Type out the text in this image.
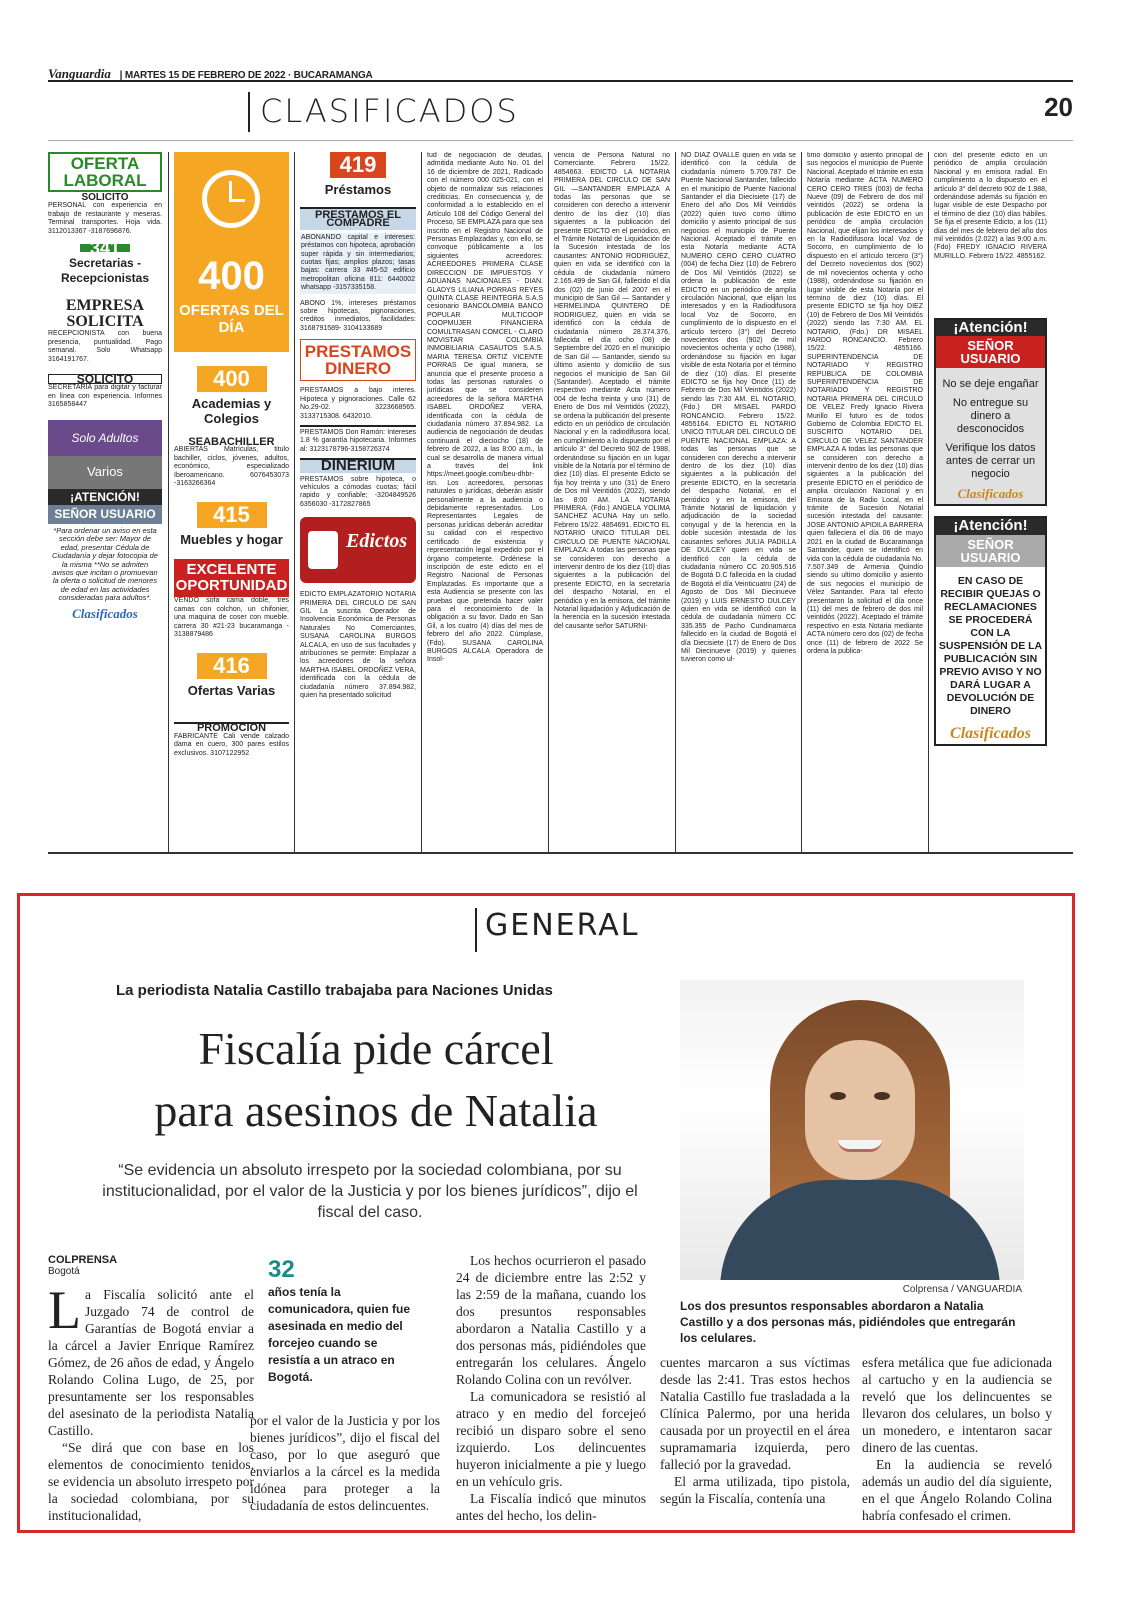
Vanguardia | MARTES 15 DE FEBRERO DE 2022 · BUCARAMANGA
CLASIFICADOS	20
OFERTA LABORAL
SOLICITO

PERSONAL con experiencia en trabajo de restaurante y meseras. Terminal transportes. Hoja vida. 3112013367 -3187696876.

341
Secretarias - Recepcionistas
EMPRESA SOLICITA

RECEPCIONISTA con buena presencia, puntualidad. Pago semanal. Solo Whatsapp 3164191767.

SOLICITO

SECRETARIA para digitar y facturar en línea con experiencia. Informes 3165858447

Solo Adultos
Varios
¡ATENCIÓN!
SEÑOR USUARIO

*Para ordenar un aviso en esta sección debe ser: Mayor de edad, presentar Cédula de Ciudadanía y dejar fotocopia de la misma **No se admiten avisos que incitan o promuevan la oferta o solicitud de menores de edad en las actividades consideradas para adultos*.

Clasificados
400
OFERTAS DEL DÍA
400
Academias y Colegios
SEABACHILLER

ABIERTAS Matrículas, titulo bachiller, ciclos, jóvenes, adultos, económico, especializado Iberoamericano. 6076453073 -3163266364

415
Muebles y hogar
EXCELENTE OPORTUNIDAD

VENDO sofa cama doble, tres camas con colchon, un chifonier, una maquina de coser con mueble. carrera 30 #21-23 bucaramanga - 3138879486

416
Ofertas Varias
PROMOCION

FABRICANTE Cali vende calzado dama en cuero, 300 pares estilos exclusivos. 3107122952

419
Préstamos
PRESTAMOS EL COMPADRE

ABONANDO capital e intereses: préstamos con hipoteca, aprobación super rápida y sin intermediarios; cuotas fijas; amplios plazos; tasas bajas: carrera 33 #45-52 edificio metropolitan oficina 811: 6440002 whatsapp -3157335158.

ABONO 1%, intereses préstamos sobre hipotecas, pignoraciones, creditos inmediatos, facilidades: 3168791589- 3104133689

PRESTAMOS DINERO

PRESTAMOS a bajo interes. Hipoteca y pignoraciones. Calle 62 No.29-02. 3223668565. 3133715308. 6432010.

PRESTAMOS Don Ramón: Intereses 1.8 % garantía hipotecaria. Informes al: 3123178796-3158726374

DINERIUM

PRESTAMOS sobre hipoteca, o vehículos a cómodas cuotas; fácil rapido y confiable; -3204849526 6356030 -3172827865

Edictos

EDICTO EMPLAZATORIO NOTARIA PRIMERA DEL CIRCULO DE SAN GIL La suscrita Operador de Insolvencia Económica de Personas Naturales No Comerciantes, SUSANA CAROLINA BURGOS ALCALA, en uso de sus facultades y atribuciones se permite: Emplazar a los acreedores de la señora MARTHA ISABEL ORDOÑEZ VERA, identificada con la cédula de ciudadanía número 37.894.982, quien ha presentado solicitud

tud de negociación de deudas, admitida mediante Auto No. 01 del 16 de diciembre de 2021, Radicado con el número 000 025-021, con el objeto de normalizar sus relaciones crediticias. En consecuencia y, de conformidad a lo establecido en el Artículo 108 del Código General del Proceso, SE EMPLAZA para que sea inscrito en el Registro Nacional de Personas Emplazadas y, con ello, se convoque públicamente a los siguientes acreedores: ACREEDORES PRIMERA CLASE DIRECCION DE IMPUESTOS Y ADUANAS NACIONALES - DIAN. GLADYS LILIANA PORRAS REYES QUINTA CLASE REINTEGRA S.A.S cesionario BANCOLOMBIA BANCO POPULAR MULTICOOP COOPMUJER FINANCIERA COMULTRASAN COMCEL - CLARO MOVISTAR COLOMBIA INMOBILIARIA CASAUTOS S.A.S. MARIA TERESA ORTIZ VICENTE PORRAS De igual manera, se anuncia que el presente proceso a todas las personas naturales o jurídicas que se consideren acreedores de la señora MARTHA ISABEL ORDOÑEZ VERA, identificada con la cédula de ciudadanía número 37.894.982. La audiencia de negociación de deudas continuará el dieciocho (18) de febrero de 2022, a las 8:00 a.m., la cual se desarrolla de manera virtual a través del link https://meet.google.com/beu-dhbr-isn. Los acreedores, personas naturales o jurídicas, deberán asistir personalmente a la audiencia o debidamente representados. Los Representantes Legales de personas jurídicas deberán acreditar su calidad con el respectivo certificado de existencia y representación legal expedido por el órgano competente. Ordénese la inscripción de este edicto en el Registro Nacional de Personas Emplazadas. Es importante que a esta Audiencia se presente con las pruebas que pretenda hacer valer para el reconocimiento de la obligación a su favor. Dado en San Gil, a los cuatro (4) días del mes de febrero del año 2022. Cúmplase, (Fdo). SUSANA CAROLINA BURGOS ALCALA Operadora de Insol-

vencia de Persona Natural no Comerciante. Febrero 15/22. 4854663. EDICTO LA NOTARIA PRIMERA DEL CIRCULO DE SAN GIL —SANTANDER EMPLAZA A todas las personas que se consideren con derecho a intervenir dentro de los diez (10) días siguientes a la publicación del presente EDICTO en el periódico, en el Trámite Notarial de Liquidación de la Sucesión intestada de los causantes: ANTONIO RODRIGUEZ, quien en vida se identificó con la cédula de ciudadanía número 2.165.499 de San Gil, fallecido el día dos (02) de junio del 2007 en el municipio de San Gil — Santander y HERMELINDA QUINTERO DE RODRIGUEZ, quien en vida se identificó con la cédula de ciudadanía número 28.374.376, fallecida el día ocho (08) de Septiembre del 2020 en el municipio de San Gil — Santander, siendo su último asiento y domicilio de sus negocios el municipio de San Gil (Santander). Aceptado el trámite respectivo mediante Acta número 004 de fecha treinta y uno (31) de Enero de Dos mil Veintidós (2022), se ordena la publicación del presente edicto en un periódico de circulación Nacional y en la radiodifusora local, en cumplimiento a lo dispuesto por el artículo 3° del Decreto 902 de 1988, ordenándose su fijación en un lugar visible de la Notaría por el término de diez (10) días. El presente Edicto se fija hoy treinta y uno (31) de Enero de Dos mil Veintidós (2022), siendo las 8:00 AM. LA NOTARIA PRIMERA. (Fdo.) ANGELA YOLIMA SANCHEZ ACUNA Hay un sello. Febrero 15/22. 4854691. EDICTO EL NOTARIO UNICO TITULAR DEL CIRCULO DE PUENTE NACIONAL EMPLAZA: A todas las personas que se consideren con derecho a intervenir dentro de los diez (10) días siguientes a la publicación del presente EDICTO, en la secretaría del despacho Notarial, en el periódico y en la emisora, del trámite Notarial liquidación y Adjudicación de la herencia en la sucesión intestada del causante señor SATURNI-

NO DIAZ OVALLE quien en vida se identificó con la cédula de ciudadanía número 5.709.787 De Puente Nacional Santander, fallecido en el municipio de Puente Nacional Santander el día Diecisiete (17) de Enero del año Dos Mil Veintidós (2022) quien tuvo como último domicilio y asiento principal de sus negocios el municipio de Puente Nacional. Aceptado el trámite en esta Notaría mediante ACTA NUMERO CERO CERO CUATRO (004) de fecha Diez (10) de Febrero de Dos Mil Veintidós (2022) se ordena la publicación de este EDICTO en un periódico de amplia circulación Nacional, que elijan los interesados y en la Radiodifusora local Voz de Socorro, en cumplimiento de lo dispuesto en el artículo tercero (3°) del Decreto novecientos dos (902) de mil novecientos ochenta y ocho (1988), ordenándose su fijación en lugar visible de esta Notaría por el término de diez (10) días. El presente EDICTO se fija hoy Once (11) de Febrero de Dos Mil Veintidós (2022) siendo las 7:30 AM. EL NOTARIO, (Fdo.) DR MISAEL PARDO RONCANCIO. Febrero 15/22. 4855164. EDICTO EL NOTARIO UNICO TITULAR DEL CIRCULO DE PUENTE NACIONAL EMPLAZA: A todas las personas que se consideren con derecho a intervenir dentro de los diez (10) días siguientes a la publicación del presente EDICTO, en la secretaría del despacho Notarial, en el periódico y en la emisora, del Trámite Notarial de liquidación y adjudicación de la sociedad conyugal y de la herencia en la doble sucesión intestada de los causantes señores JULIA PADILLA DE DULCEY quien en vida se identificó con la cédula de ciudadanía número CC 20.905.516 de Bogotá D.C fallecida en la ciudad de Bogotá el día Veinticuatro (24) de Agosto de Dos Mil Diecinueve (2019) y LUIS ERNESTO DULCEY quien en vida se identificó con la cédula de ciudadanía número CC 335.355 de Pacho Cundinamarca fallecido en la ciudad de Bogotá el día Diecisiete (17) de Enero de Dos Mil Diecinueve (2019) y quienes tuvieron como ul-

timo domicilio y asiento principal de sus negocios el municipio de Puente Nacional. Aceptado el trámite en esta Notaría mediante ACTA NUMERO CERO CERO TRES (003) de fecha Nueve (09) de Febrero de dos mil veintidós (2022) se ordena la publicación de este EDICTO en un periódico de amplia circulación Nacional, que elijan los interesados y en la Radiodifusora local Voz de Socorro, en cumplimiento de lo dispuesto en el artículo tercero (3°) del Decreto novecientos dos (902) de mil novecientos ochenta y ocho (1988), ordenándose su fijación en lugar visible de esta Notaría por el término de diez (10) días. El presente EDICTO se fija hoy DIEZ (10) de Febrero de Dos Mil Veintidós (2022) siendo las 7:30 AM. EL NOTARIO, (Fdo.) DR MISAEL PARDO RONCANCIO. Febrero 15/22. 4855166. SUPERINTENDENCIA DE NOTARIADO Y REGISTRO REPUBLICA DE COLOMBIA SUPERINTENDENCIA DE NOTARIADO Y REGISTRO NOTARIA PRIMERA DEL CIRCULO DE VELEZ Fredy Ignacio Rivera Murillo El futuro es de todos Gobierno de Colombia EDICTO EL SUSCRITO NOTARIO DEL CIRCULO DE VELEZ SANTANDER EMPLAZA A todas las personas que se consideren con derecho a intervenir dentro de los diez (10) días siguientes a la publicación del presente EDICTO en el periódico de amplia circulación Nacional y en Emisora de la Radio Local, en el trámite de Sucesión Notarial sucesión intestada del causante: JOSE ANTONIO APIDILA BARRERA quien falleciera el día 06 de mayo 2021 en la ciudad de Bucaramanga Santander, quien se identificó en vida con la cédula de ciudadanía No. 7.507.349 de Armenia Quindío siendo su ultimo domicilio y asiento de sus negocios el municipio de Vélez Santander. Para tal efecto presentaron la solicitud el día once (11) del mes de febrero de dos mil veintidós (2022). Aceptado el trámite respectivo en esta Notaria mediante ACTA número cero dos (02) de fecha once (11) de febrero de 2022 Se ordena la publica-

ción del presente edicto en un periódico de amplia circulación Nacional y en emisora radial. En cumplimiento a lo dispuesto en el artículo 3° del decreto 902 de 1.988, ordenándose además su fijación en lugar visible de este Despacho por el término de diez (10) días hábiles. Se fija el presente Edicto, a los (11) días del mes de febrero del año dos mil veintidós (2.022) a las 9:00 a.m. (Fdo) FREDY IGNACIO RIVERA MURILLO. Febrero 15/22. 4855162.

¡Atención!
SEÑOR USUARIO

No se deje engañar

No entregue su dinero a desconocidos

Verifique los datos antes de cerrar un negocio

Clasificados
¡Atención!
SEÑOR USUARIO

EN CASO DE RECIBIR QUEJAS O RECLAMACIONES SE PROCEDERÁ CON LA SUSPENSIÓN DE LA PUBLICACIÓN SIN PREVIO AVISO Y NO DARÁ LUGAR A DEVOLUCIÓN DE DINERO

Clasificados
GENERAL
La periodista Natalia Castillo trabajaba para Naciones Unidas
Fiscalía pide cárcel
para asesinos de Natalia
“Se evidencia un absoluto irrespeto por la sociedad colombiana, por su institucionalidad, por el valor de la Justicia y por los bienes jurídicos”, dijo el fiscal del caso.
Colprensa / VANGUARDIA
Los dos presuntos responsables abordaron a Natalia Castillo y a dos personas más, pidiéndoles que entregarán los celulares.
COLPRENSA
Bogotá

La Fiscalía solicitó ante el Juzgado 74 de control de Garantías de Bogotá enviar a la cárcel a Javier Enrique Ramírez Gómez, de 26 años de edad, y Ángelo Rolando Colina Lugo, de 25, por presuntamente ser los responsables del asesinato de la periodista Natalia Castillo.

“Se dirá que con base en los elementos de conocimiento tenidos, se evidencia un absoluto irrespeto por la sociedad colombiana, por su institucionalidad,

32
años tenía la comunicadora, quien fue asesinada en medio del forcejeo cuando se resistía a un atraco en Bogotá.

por el valor de la Justicia y por los bienes jurídicos”, dijo el fiscal del caso, por lo que aseguró que enviarlos a la cárcel es la medida idónea para proteger a la ciudadanía de estos delincuentes.

Los hechos ocurrieron el pasado 24 de diciembre entre las 2:52 y las 2:59 de la mañana, cuando los dos presuntos responsables abordaron a Natalia Castillo y a dos personas más, pidiéndoles que entregarán los celulares. Ángelo Rolando Colina con un revólver.

La comunicadora se resistió al atraco y en medio del forcejeó recibió un disparo sobre el seno izquierdo. Los delincuentes huyeron inicialmente a pie y luego en un vehículo gris.

La Fiscalía indicó que minutos antes del hecho, los delin-

cuentes marcaron a sus víctimas desde las 2:41. Tras estos hechos Natalia Castillo fue trasladada a la Clínica Palermo, por una herida causada por un proyectil en el área supramamaria izquierda, pero falleció por la gravedad.

El arma utilizada, tipo pistola, según la Fiscalía, contenía una

esfera metálica que fue adicionada al cartucho y en la audiencia se reveló que los delincuentes se llevaron dos celulares, un bolso y un monedero, e intentaron sacar dinero de las cuentas.

En la audiencia se reveló además un audio del día siguiente, en el que Ángelo Rolando Colina habría confesado el crimen.
